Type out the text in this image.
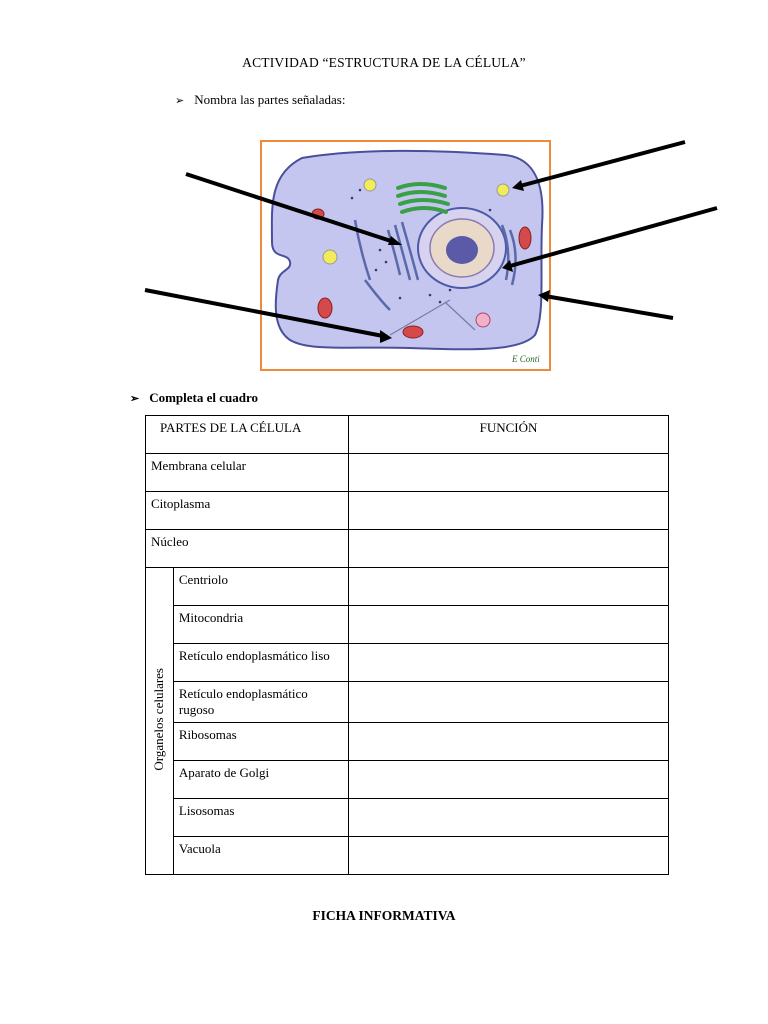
ACTIVIDAD “ESTRUCTURA DE LA CÉLULA”
➢ Nombra las partes señaladas:
E Conti
➢ Completa el cuadro
PARTES DE LA CÉLULA		FUNCIÓN
Membrana celular		
Citoplasma		
Núcleo		
Organelos celulares	Centriolo	
	Mitocondria	
	Retículo endoplasmático liso	
	Retículo endoplasmático rugoso	
	Ribosomas	
	Aparato de Golgi	
	Lisosomas	
	Vacuola	
FICHA INFORMATIVA
